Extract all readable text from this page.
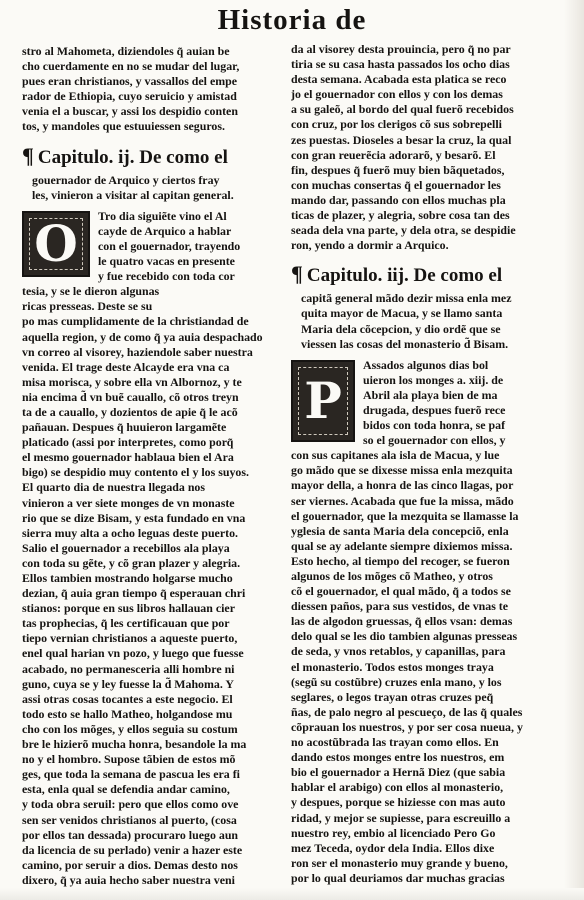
Historia de
stro al Mahometa, diziendoles q̃ auian be
cho cuerdamente en no se mudar del lugar,
pues eran christianos, y vassallos del empe
rador de Ethiopia, cuyo seruicio y amistad
venia el a buscar, y assi los despidio conten
tos, y mandoles que estuuiessen seguros.
¶ Capitulo. ij. De como el
gouernador de Arquico y ciertos fray
les, vinieron a visitar al capitan general.
O	Tro dia siguiẽte vino el Al
cayde de Arquico a hablar
con el gouernador, trayendo
le quatro vacas en presente
y fue recebido con toda cor
tesia, y se le dieron algunas
ricas presseas. Deste se su
po mas cumplidamente de la christiandad de
aquella region, y de como q̃ ya auia despachado
vn correo al visorey, haziendole saber nuestra
venida. El trage deste Alcayde era vna ca
misa morisca, y sobre ella vn Albornoz, y te
nia encima d̃ vn buẽ cauallo, cõ otros treyn
ta de a cauallo, y dozientos de apie q̃ le acõ
pañauan. Despues q̃ huuieron largamẽte
platicado (assi por interpretes, como porq̃
el mesmo gouernador hablaua bien el Ara
bigo) se despidio muy contento el y los suyos.
El quarto dia de nuestra llegada nos
vinieron a ver siete monges de vn monaste
rio que se dize Bisam, y esta fundado en vna
sierra muy alta a ocho leguas deste puerto.
Salio el gouernador a recebillos ala playa
con toda su gẽte, y cõ gran plazer y alegria.
Ellos tambien mostrando holgarse mucho
dezian, q̃ auia gran tiempo q̃ esperauan chri
stianos: porque en sus libros hallauan cier
tas prophecias, q̃ les certificauan que por
tiepo vernian christianos a aqueste puerto,
enel qual harian vn pozo, y luego que fuesse
acabado, no permanesceria alli hombre ni
guno, cuya se y ley fuesse la d̃ Mahoma. Y
assi otras cosas tocantes a este negocio. El
todo esto se hallo Matheo, holgandose mu
cho con los mõges, y ellos seguia su costum
bre le hizierõ mucha honra, besandole la ma
no y el hombro. Supose tãbien de estos mõ
ges, que toda la semana de pascua les era fi
esta, enla qual se defendia andar camino,
y toda obra seruil: pero que ellos como ove
sen ser venidos christianos al puerto, (cosa
por ellos tan dessada) procuraro luego aun
da licencia de su perlado) venir a hazer este
camino, por seruir a dios. Demas desto nos
dixero, q̃ ya auia hecho saber nuestra veni
da al visorey desta prouincia, pero q̃ no par
tiria se su casa hasta passados los ocho dias
desta semana. Acabada esta platica se reco
jo el gouernador con ellos y con los demas
a su galeõ, al bordo del qual fuerõ recebidos
con cruz, por los clerigos cõ sus sobrepelli
zes puestas. Dioseles a besar la cruz, la qual
con gran reuerẽcia adorarõ, y besarõ. El
fin, despues q̃ fuerõ muy bien bãquetados,
con muchas consertas q̃ el gouernador les
mando dar, passando con ellos muchas pla
ticas de plazer, y alegria, sobre cosa tan des
seada dela vna parte, y dela otra, se despidie
ron, yendo a dormir a Arquico.
¶ Capitulo. iij. De como el
capitã general mãdo dezir missa enla mez
quita mayor de Macua, y se llamo santa
Maria dela cõcepcion, y dio ordẽ que se
viessen las cosas del monasterio d̃ Bisam.
P
Assados algunos dias bol
uieron los monges a. xiij. de
Abril ala playa bien de ma
drugada, despues fuerõ rece
bidos con toda honra, se paf
so el gouernador con ellos, y
con sus capitanes ala isla de Macua, y lue
go mãdo que se dixesse missa enla mezquita
mayor della, a honra de las cinco llagas, por
ser viernes. Acabada que fue la missa, mãdo
el gouernador, que la mezquita se llamasse la
yglesia de santa Maria dela concepciõ, enla
qual se ay adelante siempre dixiemos missa.
Esto hecho, al tiempo del recoger, se fueron
algunos de los mõges cõ Matheo, y otros
cõ el gouernador, el qual mãdo, q̃ a todos se
diessen paños, para sus vestidos, de vnas te
las de algodon gruessas, q̃ ellos vsan: demas
delo qual se les dio tambien algunas presseas
de seda, y vnos retablos, y capanillas, para
el monasterio. Todos estos monges traya
(segũ su costũbre) cruzes enla mano, y los
seglares, o legos trayan otras cruzes peq̃
ñas, de palo negro al pescueço, de las q̃ quales
cõprauan los nuestros, y por ser cosa nueua, y
no acostũbrada las trayan como ellos. En
dando estos monges entre los nuestros, em
bio el gouernador a Hernã Diez (que sabia
hablar el arabigo) con ellos al monasterio,
y despues, porque se hiziesse con mas auto
ridad, y mejor se supiesse, para escreuillo a
nuestro rey, embio al licenciado Pero Go
mez Teceda, oydor dela India. Ellos dixe
ron ser el monasterio muy grande y bueno,
por lo qual deuriamos dar muchas gracias
